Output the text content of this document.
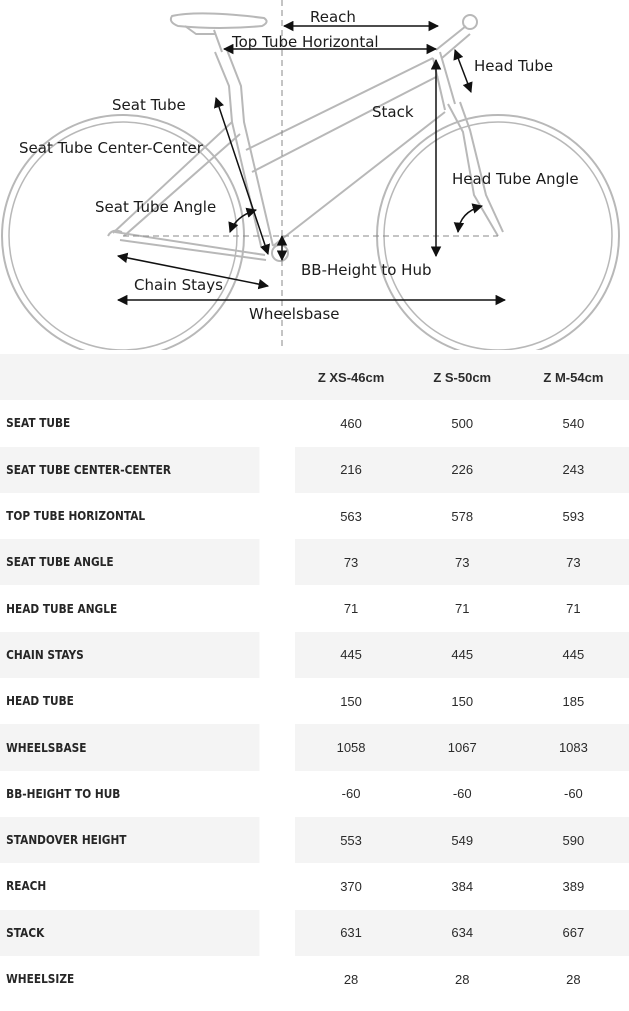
Reach
Top Tube Horizontal
Head Tube
Seat Tube	Stack
Seat Tube Center-Center
Head Tube Angle
Seat Tube Angle
BB-Height to Hub
Chain Stays
Wheelsbase
	Z XS-46cm	Z S-50cm	Z M-54cm
SEAT TUBE	460	500	540
SEAT TUBE CENTER-CENTER	216	226	243
TOP TUBE HORIZONTAL	563	578	593
SEAT TUBE ANGLE	73	73	73
HEAD TUBE ANGLE	71	71	71
CHAIN STAYS	445	445	445
HEAD TUBE	150	150	185
WHEELSBASE	1058	1067	1083
BB-HEIGHT TO HUB	-60	-60	-60
STANDOVER HEIGHT	553	549	590
REACH	370	384	389
STACK	631	634	667
WHEELSIZE	28	28	28
